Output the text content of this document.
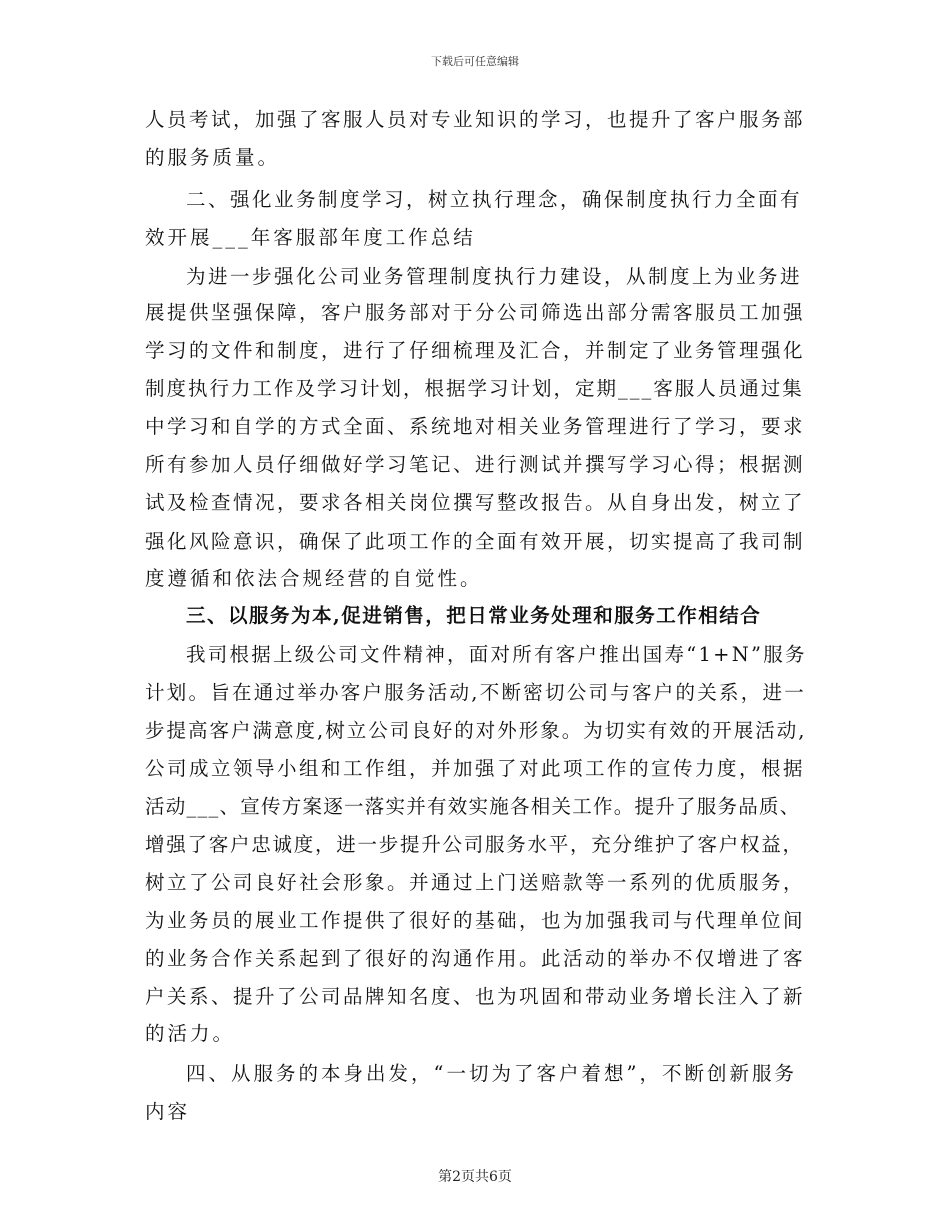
下载后可任意编辑
人员考试，加强了客服人员对专业知识的学习，也提升了客户服务部
的服务质量。
二、强化业务制度学习，树立执行理念，确保制度执行力全面有
效开展___年客服部年度工作总结
为进一步强化公司业务管理制度执行力建设，从制度上为业务进
展提供坚强保障，客户服务部对于分公司筛选出部分需客服员工加强
学习的文件和制度，进行了仔细梳理及汇合，并制定了业务管理强化
制度执行力工作及学习计划，根据学习计划，定期___客服人员通过集
中学习和自学的方式全面、系统地对相关业务管理进行了学习，要求
所有参加人员仔细做好学习笔记、进行测试并撰写学习心得；根据测
试及检查情况，要求各相关岗位撰写整改报告。从自身出发，树立了
强化风险意识，确保了此项工作的全面有效开展，切实提高了我司制
度遵循和依法合规经营的自觉性。
三、以服务为本,促进销售，把日常业务处理和服务工作相结合
我司根据上级公司文件精神，面对所有客户推出国寿“1+N”服务
计划。旨在通过举办客户服务活动,不断密切公司与客户的关系，进一
步提高客户满意度,树立公司良好的对外形象。为切实有效的开展活动,
公司成立领导小组和工作组，并加强了对此项工作的宣传力度，根据
活动___、宣传方案逐一落实并有效实施各相关工作。提升了服务品质、
增强了客户忠诚度，进一步提升公司服务水平，充分维护了客户权益，
树立了公司良好社会形象。并通过上门送赔款等一系列的优质服务，
为业务员的展业工作提供了很好的基础，也为加强我司与代理单位间
的业务合作关系起到了很好的沟通作用。此活动的举办不仅增进了客
户关系、提升了公司品牌知名度、也为巩固和带动业务增长注入了新
的活力。
四、从服务的本身出发，“一切为了客户着想”，不断创新服务
内容
第2页共6页
